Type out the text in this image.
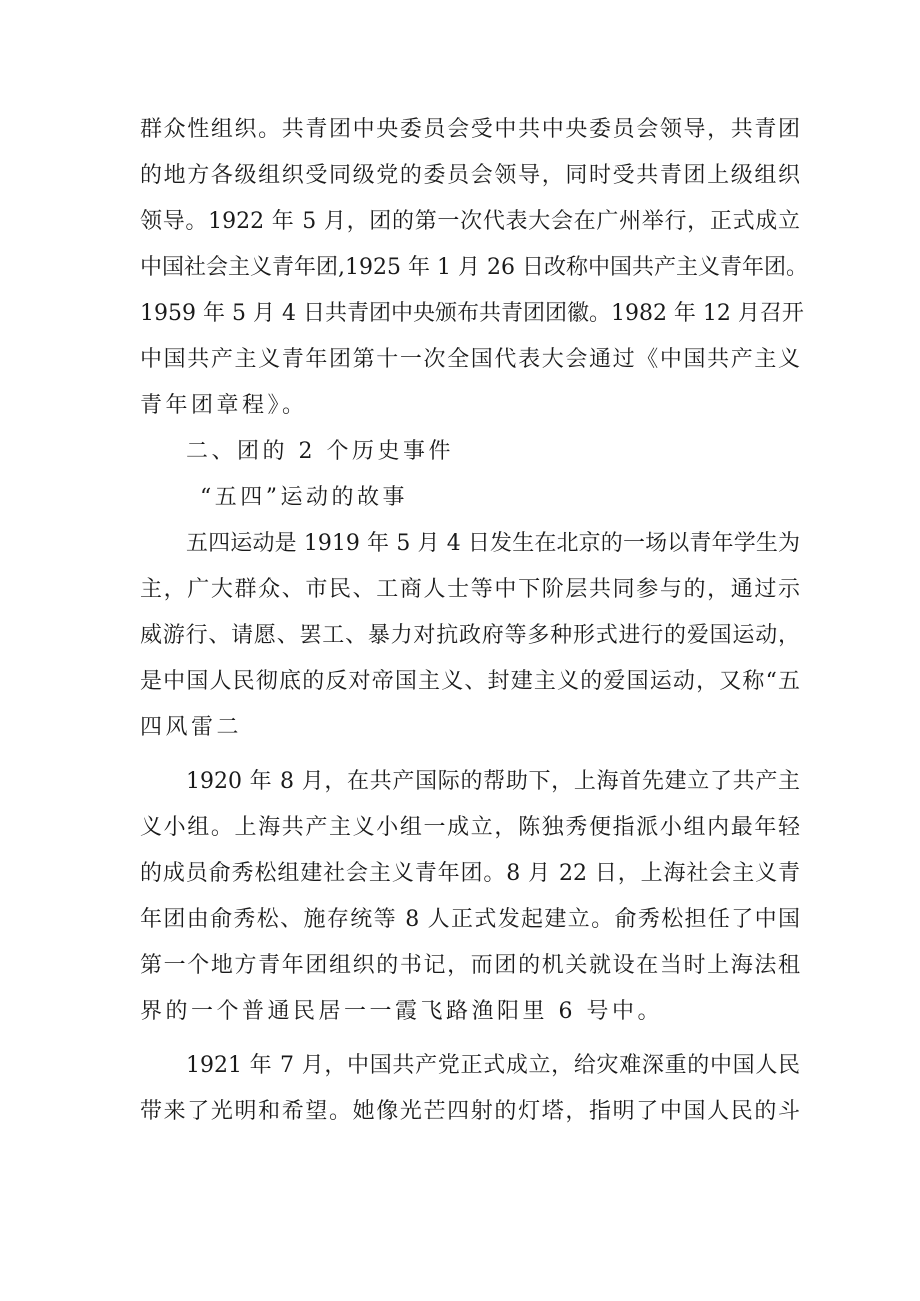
群众性组织。共青团中央委员会受中共中央委员会领导，共青团
的地方各级组织受同级党的委员会领导，同时受共青团上级组织
领导。1922 年 5 月，团的第一次代表大会在广州举行，正式成立
中国社会主义青年团,1925 年 1 月 26 日改称中国共产主义青年团。
1959 年 5 月 4 日共青团中央颁布共青团团徽。1982 年 12 月召开
中国共产主义青年团第十一次全国代表大会通过《中国共产主义
青年团章程》。
二、团的 2 个历史事件
“五四”运动的故事
五四运动是 1919 年 5 月 4 日发生在北京的一场以青年学生为
主，广大群众、市民、工商人士等中下阶层共同参与的，通过示
威游行、请愿、罢工、暴力对抗政府等多种形式进行的爱国运动，
是中国人民彻底的反对帝国主义、封建主义的爱国运动，又称“五
四风雷二
1920 年 8 月，在共产国际的帮助下，上海首先建立了共产主
义小组。上海共产主义小组一成立，陈独秀便指派小组内最年轻
的成员俞秀松组建社会主义青年团。8 月 22 日，上海社会主义青
年团由俞秀松、施存统等 8 人正式发起建立。俞秀松担任了中国
第一个地方青年团组织的书记，而团的机关就设在当时上海法租
界的一个普通民居一一霞飞路渔阳里 6 号中。
1921 年 7 月，中国共产党正式成立，给灾难深重的中国人民
带来了光明和希望。她像光芒四射的灯塔，指明了中国人民的斗
